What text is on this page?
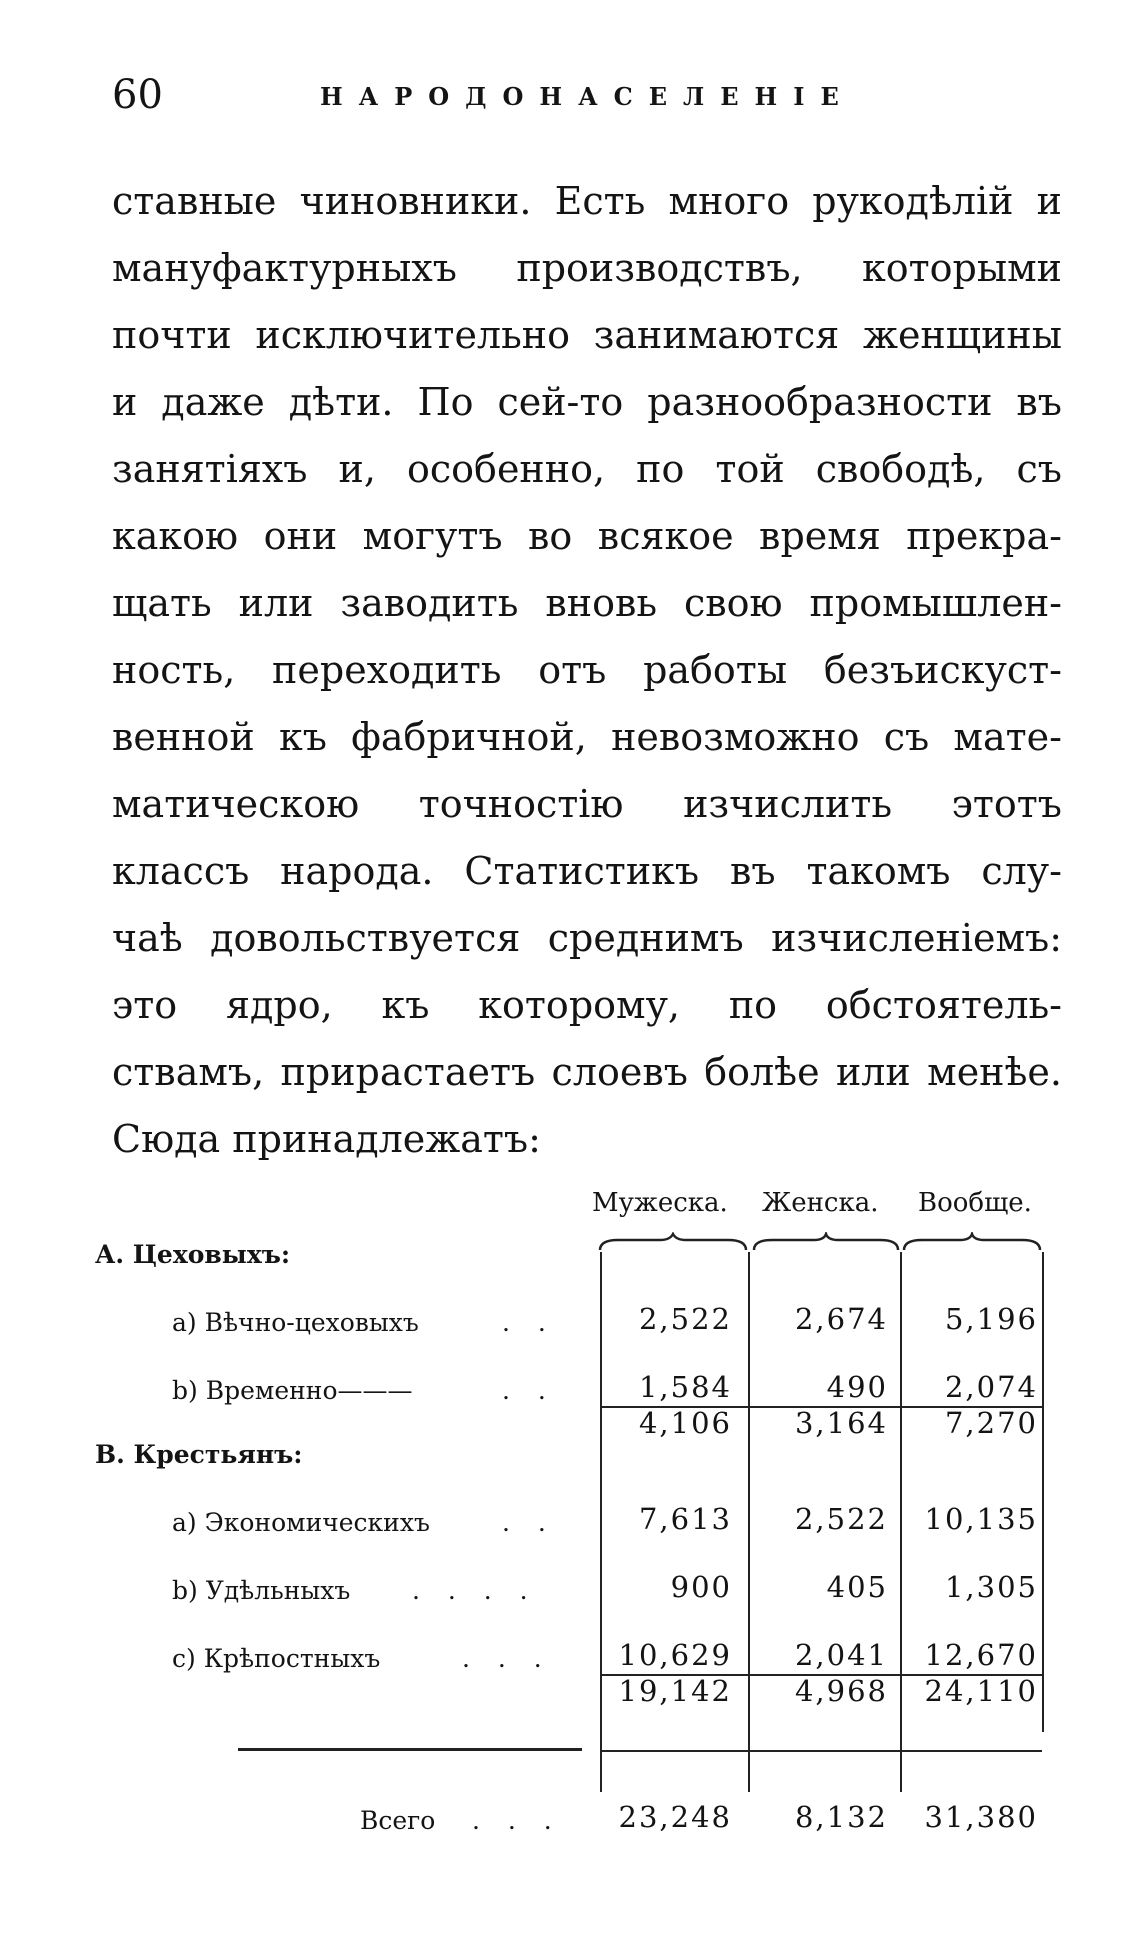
60	НАРОДОНАСЕЛЕНІЕ
ставные чиновники. Есть много рукодѣлій и
мануфактурныхъ производствъ, которыми
почти исключительно занимаются женщины
и даже дѣти. По сей-то разнообразности въ
занятіяхъ и, особенно, по той свободѣ, съ
какою они могутъ во всякое время прекра-
щать или заводить вновь свою промышлен-
ность, переходить отъ работы безъискуст-
венной къ фабричной, невозможно съ мате-
матическою точностію изчислить этотъ
классъ народа. Статистикъ въ такомъ слу-
чаѣ довольствуется среднимъ изчисленіемъ:
это ядро, къ которому, по обстоятель-
ствамъ, прирастаетъ слоевъ болѣе или менѣе.
Сюда принадлежатъ:
Мужеска. Женска. Вообще.
А. Цеховыхъ:
a) Вѣчно-цеховыхъ	. .	2,522	2,674	5,196
b) Временно———	. .	1,584	490	2,074
4,106	3,164	7,270
В. Крестьянъ:
a) Экономическихъ	. .	7,613	2,522	10,135
b) Удѣльныхъ . . . .	900	405	1,305
c) Крѣпостныхъ	. . .	10,629	2,041	12,670
19,142	4,968	24,110
Всего . . .	23,248	8,132	31,380
